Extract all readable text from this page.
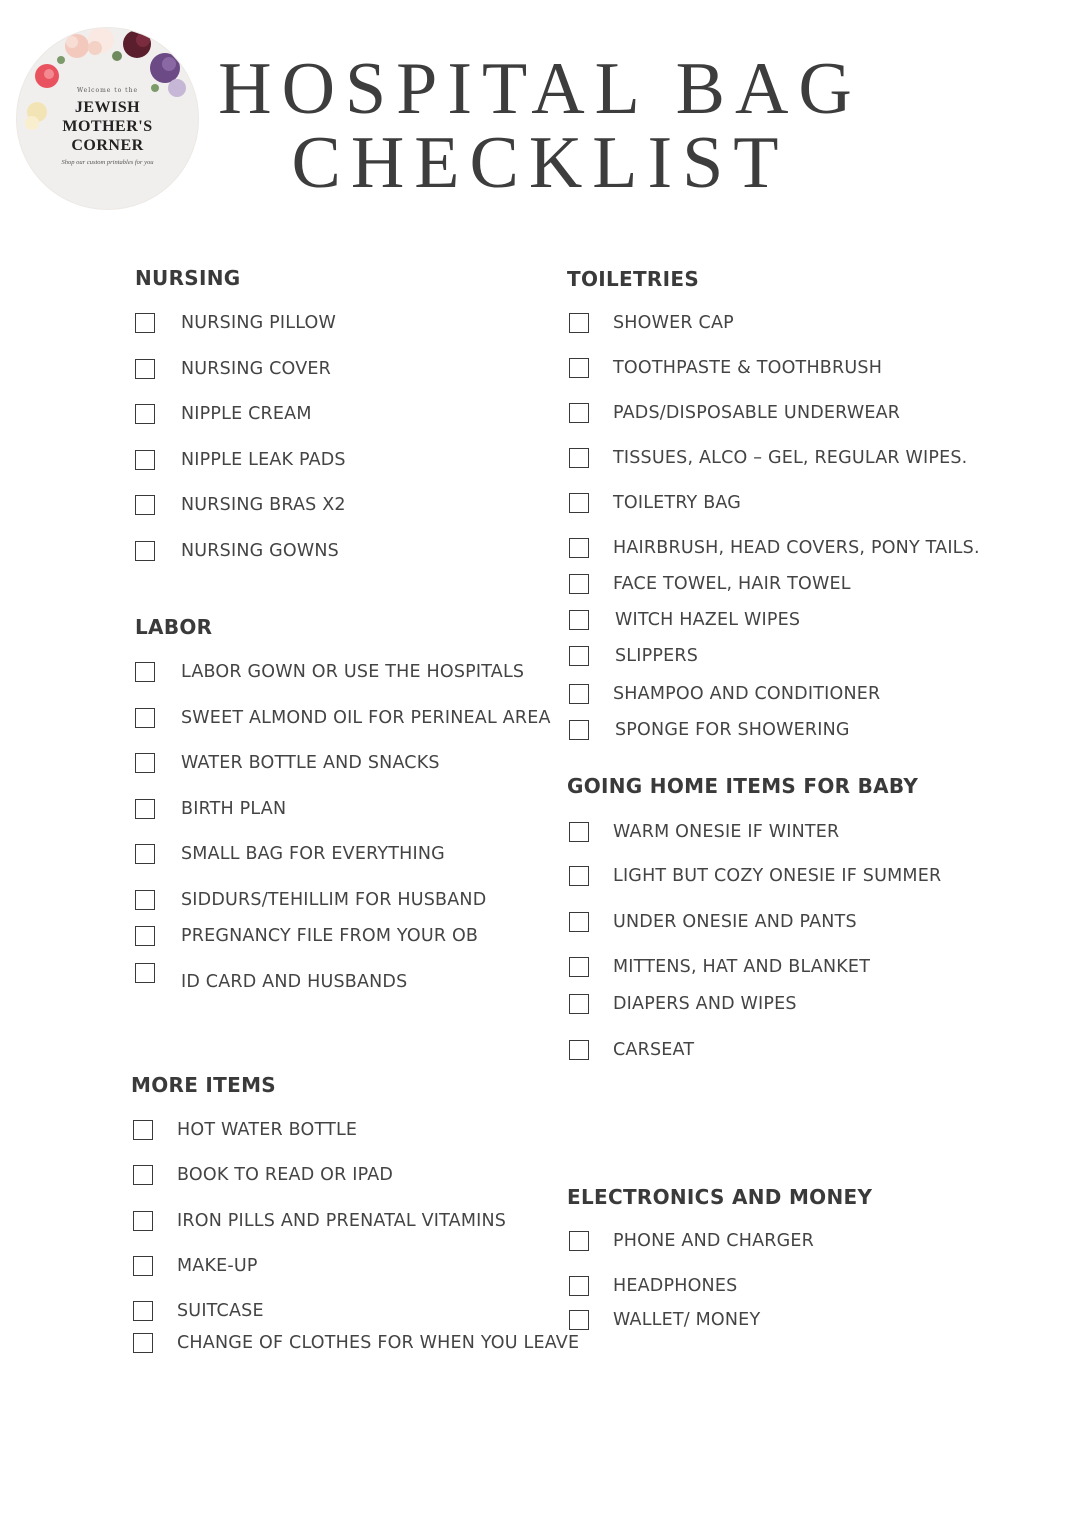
Welcome to the
JEWISH
MOTHER'S
CORNER
Shop our custom printables for you
HOSPITAL BAG
CHECKLIST
NURSING
NURSING PILLOW
NURSING COVER
NIPPLE CREAM
NIPPLE LEAK PADS
NURSING BRAS X2
NURSING GOWNS
LABOR
LABOR GOWN OR USE THE HOSPITALS
SWEET ALMOND OIL FOR PERINEAL AREA
WATER BOTTLE AND SNACKS
BIRTH PLAN
SMALL BAG FOR EVERYTHING
SIDDURS/TEHILLIM FOR HUSBAND
PREGNANCY FILE FROM YOUR OB
ID CARD AND HUSBANDS
MORE ITEMS
HOT WATER BOTTLE
BOOK TO READ OR IPAD
IRON PILLS AND PRENATAL VITAMINS
MAKE-UP
SUITCASE
CHANGE OF CLOTHES FOR WHEN YOU LEAVE
TOILETRIES
SHOWER CAP
TOOTHPASTE & TOOTHBRUSH
PADS/DISPOSABLE UNDERWEAR
TISSUES, ALCO – GEL, REGULAR WIPES.
TOILETRY BAG
HAIRBRUSH, HEAD COVERS, PONY TAILS.
FACE TOWEL, HAIR TOWEL
WITCH HAZEL WIPES
SLIPPERS
SHAMPOO AND CONDITIONER
SPONGE FOR SHOWERING
GOING HOME ITEMS FOR BABY
WARM ONESIE IF WINTER
LIGHT BUT COZY ONESIE IF SUMMER
UNDER ONESIE AND PANTS
MITTENS, HAT AND BLANKET
DIAPERS AND WIPES
CARSEAT
ELECTRONICS AND MONEY
PHONE AND CHARGER
HEADPHONES
WALLET/ MONEY
